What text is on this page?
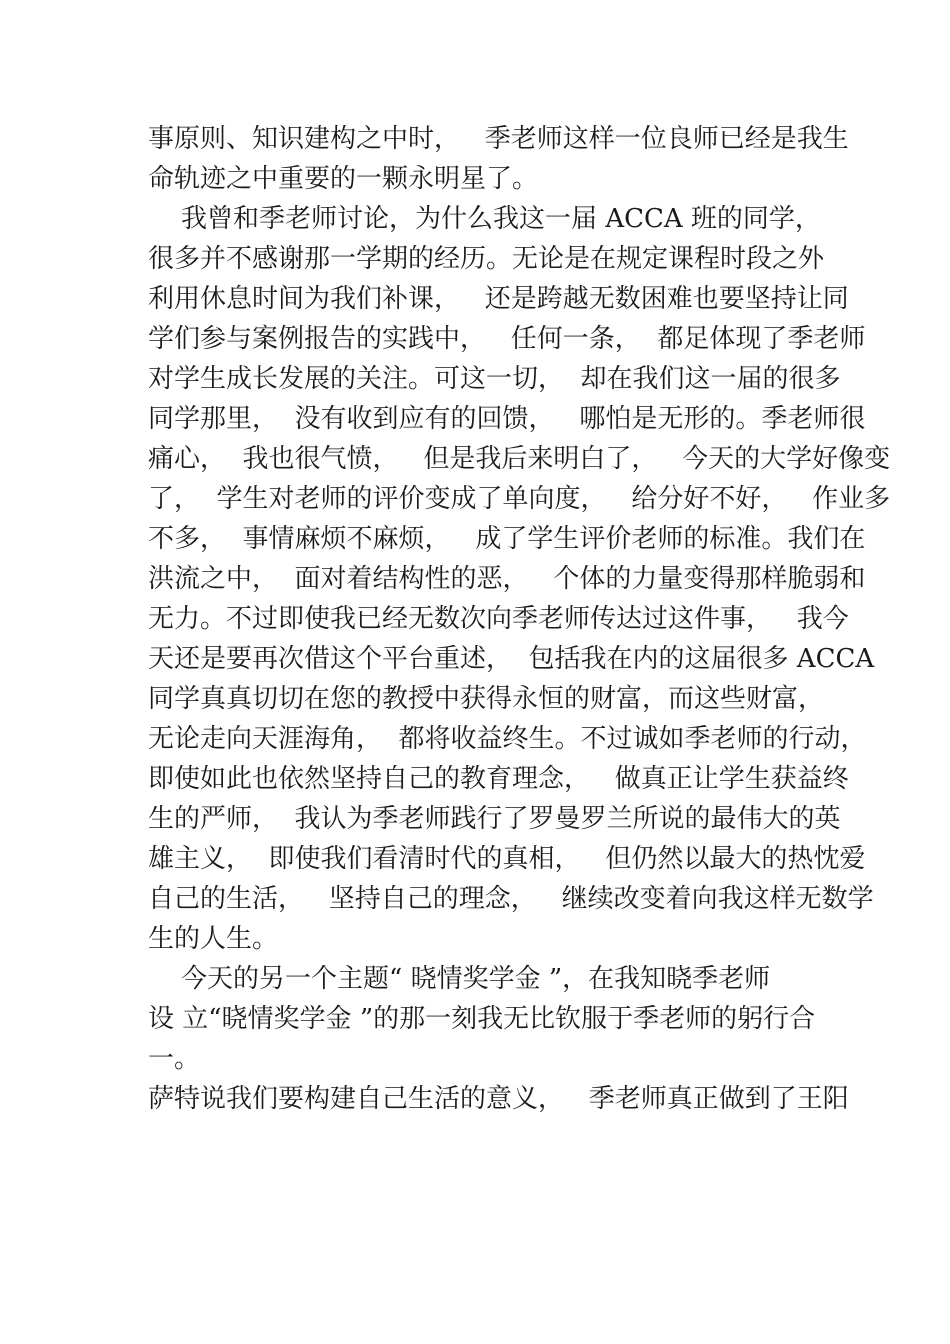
事原则、知识建构之中时，   季老师这样一位良师已经是我生
命轨迹之中重要的一颗永明星了。
我曾和季老师讨论，为什么我这一届 ACCA 班的同学，
很多并不感谢那一学期的经历。无论是在规定课程时段之外
利用休息时间为我们补课，   还是跨越无数困难也要坚持让同
学们参与案例报告的实践中，   任何一条，  都足体现了季老师
对学生成长发展的关注。可这一切，  却在我们这一届的很多
同学那里，  没有收到应有的回馈，   哪怕是无形的。季老师很
痛心，  我也很气愤，   但是我后来明白了，   今天的大学好像变
了，  学生对老师的评价变成了单向度，   给分好不好，   作业多
不多，  事情麻烦不麻烦，   成了学生评价老师的标准。我们在
洪流之中，  面对着结构性的恶，   个体的力量变得那样脆弱和
无力。不过即使我已经无数次向季老师传达过这件事，   我今
天还是要再次借这个平台重述，  包括我在内的这届很多 ACCA
同学真真切切在您的教授中获得永恒的财富，而这些财富，
无论走向天涯海角，  都将收益终生。不过诚如季老师的行动，
即使如此也依然坚持自己的教育理念，   做真正让学生获益终
生的严师，  我认为季老师践行了罗曼罗兰所说的最伟大的英
雄主义，  即使我们看清时代的真相，   但仍然以最大的热忱爱
自己的生活，   坚持自己的理念，   继续改变着向我这样无数学
生的人生。
今天的另一个主题“ 晓情奖学金 ”，在我知晓季老师
设 立“晓情奖学金 ”的那一刻我无比钦服于季老师的躬行合
一。
萨特说我们要构建自己生活的意义，   季老师真正做到了王阳
